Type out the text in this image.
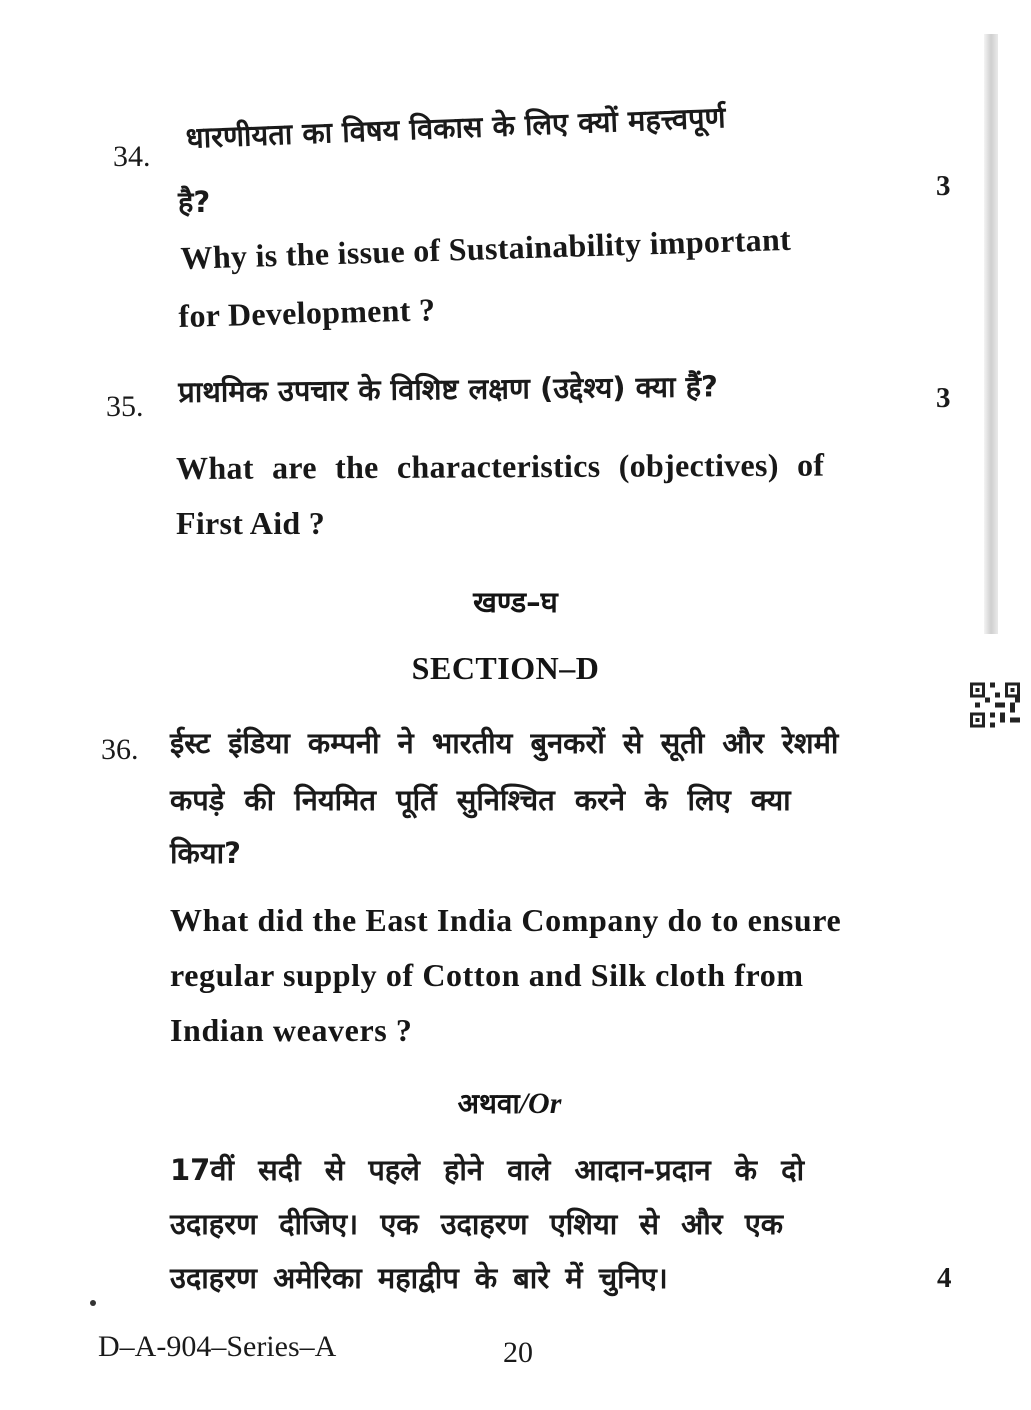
34.
धारणीयता का विषय विकास के लिए क्यों महत्त्वपूर्ण
है?	3
Why is the issue of Sustainability important
for Development ?
35. प्राथमिक उपचार के विशिष्ट लक्षण (उद्देश्य) क्या हैं?	3
What are the characteristics (objectives) of
First Aid ?
खण्ड–घ
SECTION–D
36. ईस्ट इंडिया कम्पनी ने भारतीय बुनकरों से सूती और रेशमी
कपड़े की नियमित पूर्ति सुनिश्चित करने के लिए क्या
किया?
What did the East India Company do to ensure
regular supply of Cotton and Silk cloth from
Indian weavers ?
अथवा/Or
17वीं सदी से पहले होने वाले आदान-प्रदान के दो
उदाहरण दीजिए। एक उदाहरण एशिया से और एक
उदाहरण अमेरिका महाद्वीप के बारे में चुनिए।	4
D–A-904–Series–A	20
